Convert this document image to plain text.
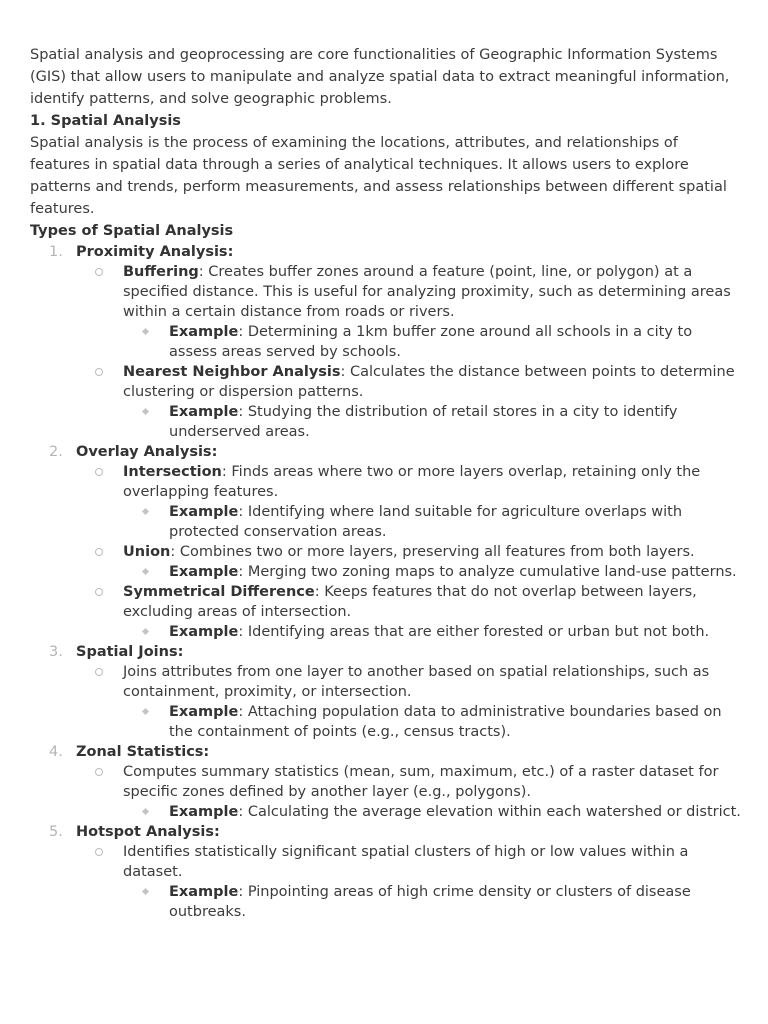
Spatial analysis and geoprocessing are core functionalities of Geographic Information Systems (GIS) that allow users to manipulate and analyze spatial data to extract meaningful information, identify patterns, and solve geographic problems.

1. Spatial Analysis

Spatial analysis is the process of examining the locations, attributes, and relationships of features in spatial data through a series of analytical techniques. It allows users to explore patterns and trends, perform measurements, and assess relationships between different spatial features.

Types of Spatial Analysis

1. Proximity Analysis:
Buffering: Creates buffer zones around a feature (point, line, or polygon) at a specified distance. This is useful for analyzing proximity, such as determining areas within a certain distance from roads or rivers.
Example: Determining a 1km buffer zone around all schools in a city to assess areas served by schools.
Nearest Neighbor Analysis: Calculates the distance between points to determine clustering or dispersion patterns.
Example: Studying the distribution of retail stores in a city to identify underserved areas.
2. Overlay Analysis:
Intersection: Finds areas where two or more layers overlap, retaining only the overlapping features.
Example: Identifying where land suitable for agriculture overlaps with protected conservation areas.
Union: Combines two or more layers, preserving all features from both layers.
Example: Merging two zoning maps to analyze cumulative land-use patterns.
Symmetrical Difference: Keeps features that do not overlap between layers, excluding areas of intersection.
Example: Identifying areas that are either forested or urban but not both.
3. Spatial Joins:
Joins attributes from one layer to another based on spatial relationships, such as containment, proximity, or intersection.
Example: Attaching population data to administrative boundaries based on the containment of points (e.g., census tracts).
4. Zonal Statistics:
Computes summary statistics (mean, sum, maximum, etc.) of a raster dataset for specific zones defined by another layer (e.g., polygons).
Example: Calculating the average elevation within each watershed or district.
5. Hotspot Analysis:
Identifies statistically significant spatial clusters of high or low values within a dataset.
Example: Pinpointing areas of high crime density or clusters of disease outbreaks.
